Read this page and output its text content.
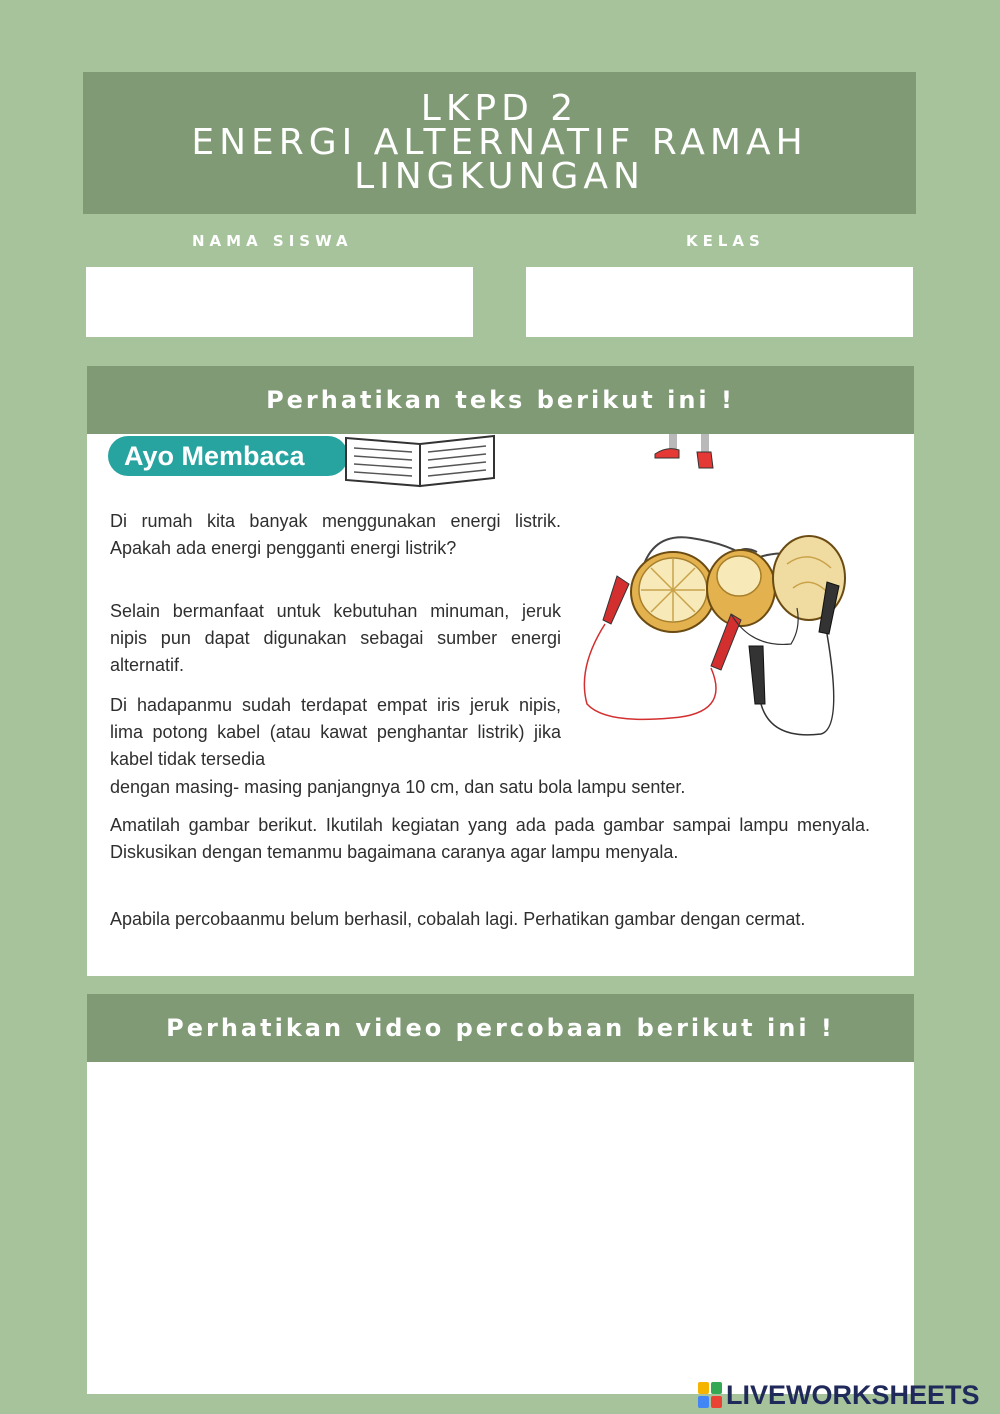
LKPD 2
ENERGI ALTERNATIF RAMAH
LINGKUNGAN
NAMA SISWA	KELAS
Perhatikan teks berikut ini !
Ayo Membaca

Di rumah kita banyak menggunakan energi listrik. Apakah ada energi pengganti energi listrik?

Selain bermanfaat untuk kebutuhan minuman, jeruk nipis pun dapat digunakan sebagai sumber energi alternatif.

Di hadapanmu sudah terdapat empat iris jeruk nipis, lima potong kabel (atau kawat penghantar listrik) jika kabel tidak tersedia

dengan masing- masing panjangnya 10 cm, dan satu bola lampu senter.

Amatilah gambar berikut. Ikutilah kegiatan yang ada pada gambar sampai lampu menyala. Diskusikan dengan temanmu bagaimana caranya agar lampu menyala.

Apabila percobaanmu belum berhasil, cobalah lagi. Perhatikan gambar dengan cermat.

Perhatikan video percobaan berikut ini !
LIVEWORKSHEETS
